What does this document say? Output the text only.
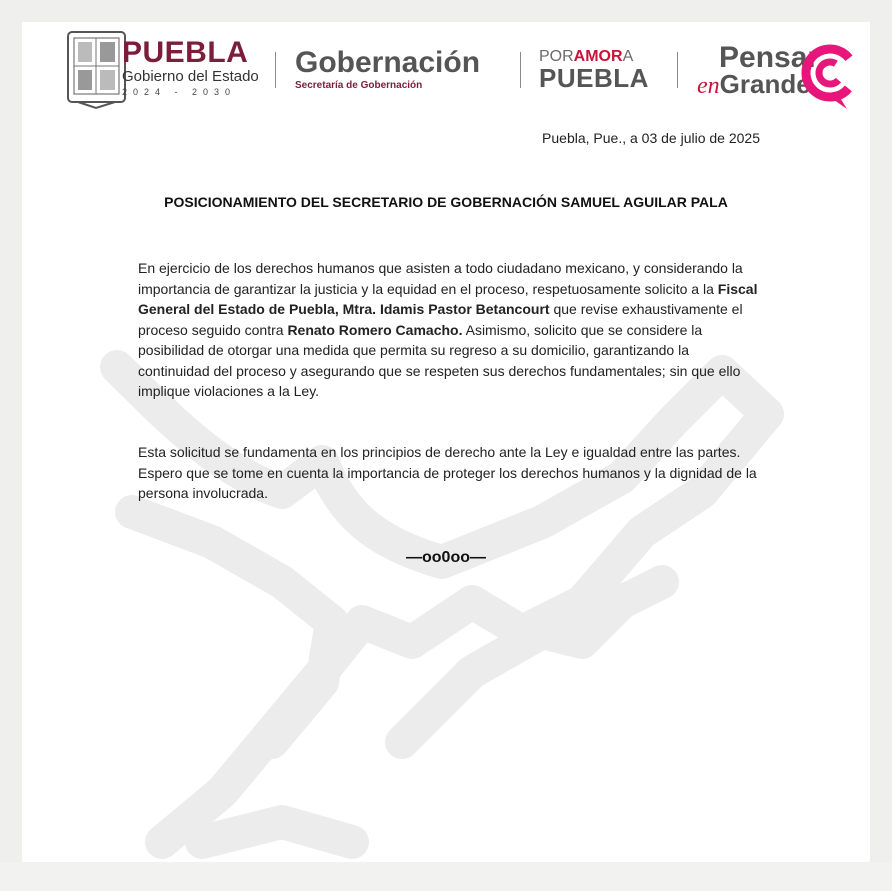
PUEBLA
Gobierno del Estado
2024 - 2030
Gobernación
Secretaría de Gobernación
PORAMORA
PUEBLA
Pensar
enGrande
Puebla, Pue., a 03 de julio de 2025
POSICIONAMIENTO DEL SECRETARIO DE GOBERNACIÓN SAMUEL AGUILAR PALA

En ejercicio de los derechos humanos que asisten a todo ciudadano mexicano, y considerando la importancia de garantizar la justicia y la equidad en el proceso, respetuosamente solicito a la Fiscal General del Estado de Puebla, Mtra. Idamis Pastor Betancourt que revise exhaustivamente el proceso seguido contra Renato Romero Camacho. Asimismo, solicito que se considere la posibilidad de otorgar una medida que permita su regreso a su domicilio, garantizando la continuidad del proceso y asegurando que se respeten sus derechos fundamentales; sin que ello implique violaciones a la Ley.

Esta solicitud se fundamenta en los principios de derecho ante la Ley e igualdad entre las partes. Espero que se tome en cuenta la importancia de proteger los derechos humanos y la dignidad de la persona involucrada.

—oo0oo—
